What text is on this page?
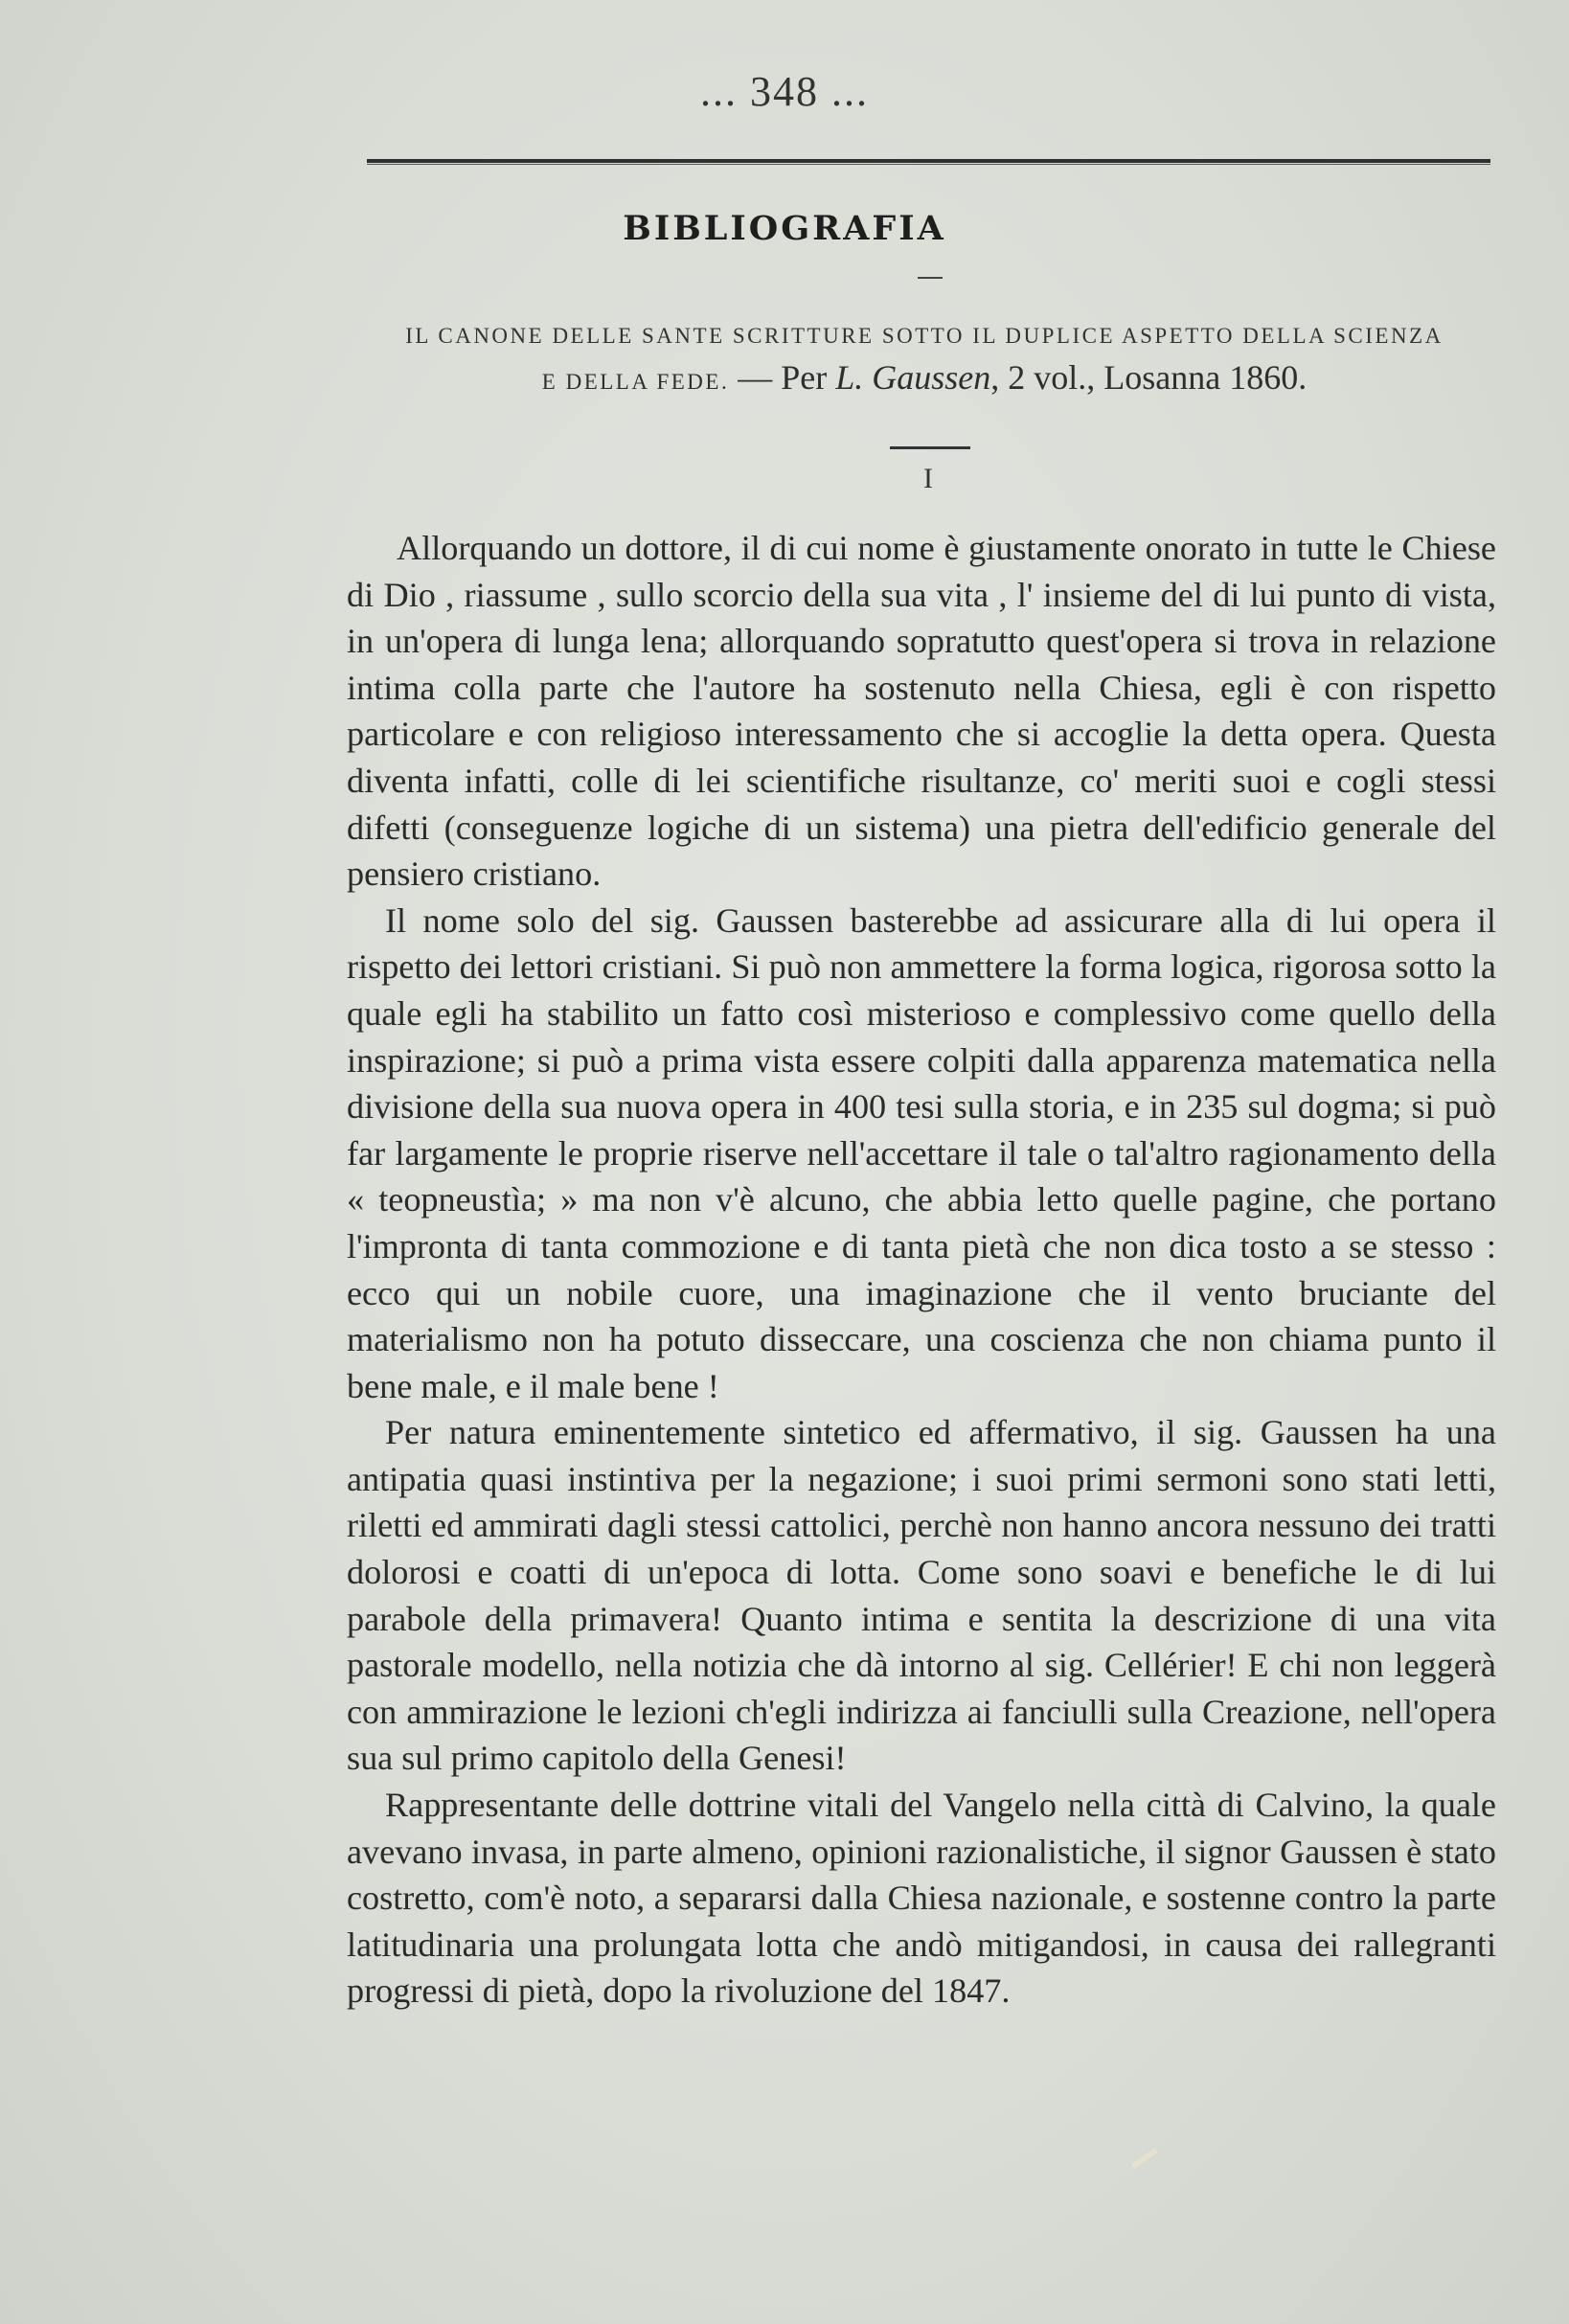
... 348 ...
BIBLIOGRAFIA
IL CANONE DELLE SANTE SCRITTURE SOTTO IL DUPLICE ASPETTO DELLA SCIENZA
E DELLA FEDE. — Per L. Gaussen, 2 vol., Losanna 1860.
I

Allorquando un dottore, il di cui nome è giustamente onorato in tutte le Chiese di Dio , riassume , sullo scorcio della sua vita , l' insieme del di lui punto di vista, in un'opera di lunga lena; allorquando sopratutto quest'opera si trova in relazione intima colla parte che l'autore ha sostenuto nella Chiesa, egli è con rispetto particolare e con religioso interessamento che si accoglie la detta opera. Questa diventa infatti, colle di lei scientifiche risultanze, co' meriti suoi e cogli stessi difetti (conseguenze logiche di un sistema) una pietra dell'edificio generale del pensiero cristiano.

Il nome solo del sig. Gaussen basterebbe ad assicurare alla di lui opera il rispetto dei lettori cristiani. Si può non ammettere la forma logica, rigorosa sotto la quale egli ha stabilito un fatto così misterioso e complessivo come quello della inspirazione; si può a prima vista essere colpiti dalla apparenza matematica nella divisione della sua nuova opera in 400 tesi sulla storia, e in 235 sul dogma; si può far largamente le proprie riserve nell'accettare il tale o tal'altro ragionamento della « teopneustìa; » ma non v'è alcuno, che abbia letto quelle pagine, che portano l'impronta di tanta commozione e di tanta pietà che non dica tosto a se stesso : ecco qui un nobile cuore, una imaginazione che il vento bruciante del materialismo non ha potuto disseccare, una coscienza che non chiama punto il bene male, e il male bene !

Per natura eminentemente sintetico ed affermativo, il sig. Gaussen ha una antipatia quasi instintiva per la negazione; i suoi primi sermoni sono stati letti, riletti ed ammirati dagli stessi cattolici, perchè non hanno ancora nessuno dei tratti dolorosi e coatti di un'epoca di lotta. Come sono soavi e benefiche le di lui parabole della primavera! Quanto intima e sentita la descrizione di una vita pastorale modello, nella notizia che dà intorno al sig. Cellérier! E chi non leggerà con ammirazione le lezioni ch'egli indirizza ai fanciulli sulla Creazione, nell'opera sua sul primo capitolo della Genesi!

Rappresentante delle dottrine vitali del Vangelo nella città di Calvino, la quale avevano invasa, in parte almeno, opinioni razionalistiche, il signor Gaussen è stato costretto, com'è noto, a separarsi dalla Chiesa nazionale, e sostenne contro la parte latitudinaria una prolungata lotta che andò mitigandosi, in causa dei rallegranti progressi di pietà, dopo la rivoluzione del 1847.
